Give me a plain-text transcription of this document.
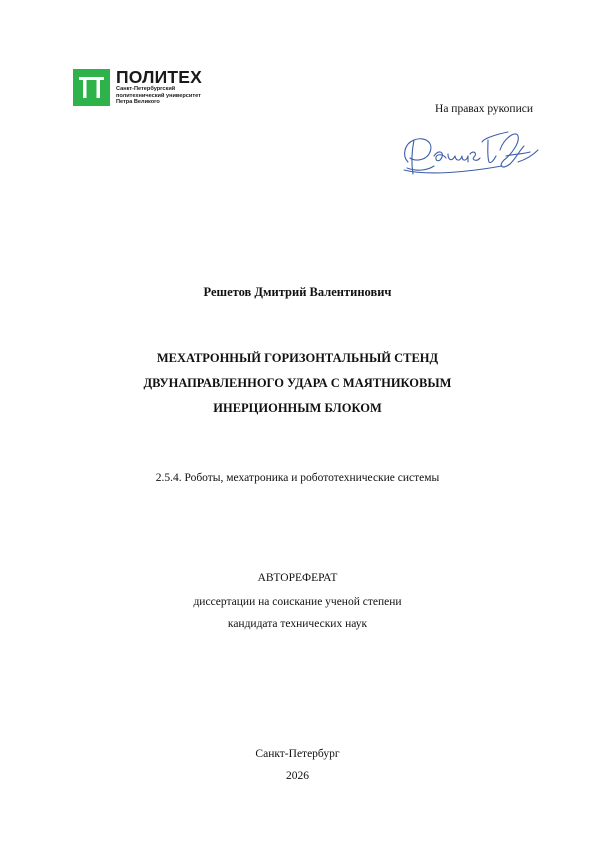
ПОЛИТЕХ
Санкт-Петербургский
политехнический университет
Петра Великого
На правах рукописи
Решетов Дмитрий Валентинович
МЕХАТРОННЫЙ ГОРИЗОНТАЛЬНЫЙ СТЕНД
ДВУНАПРАВЛЕННОГО УДАРА С МАЯТНИКОВЫМ
ИНЕРЦИОННЫМ БЛОКОМ
2.5.4. Роботы, мехатроника и робототехнические системы
АВТОРЕФЕРАТ
диссертации на соискание ученой степени
кандидата технических наук
Санкт-Петербург
2026
